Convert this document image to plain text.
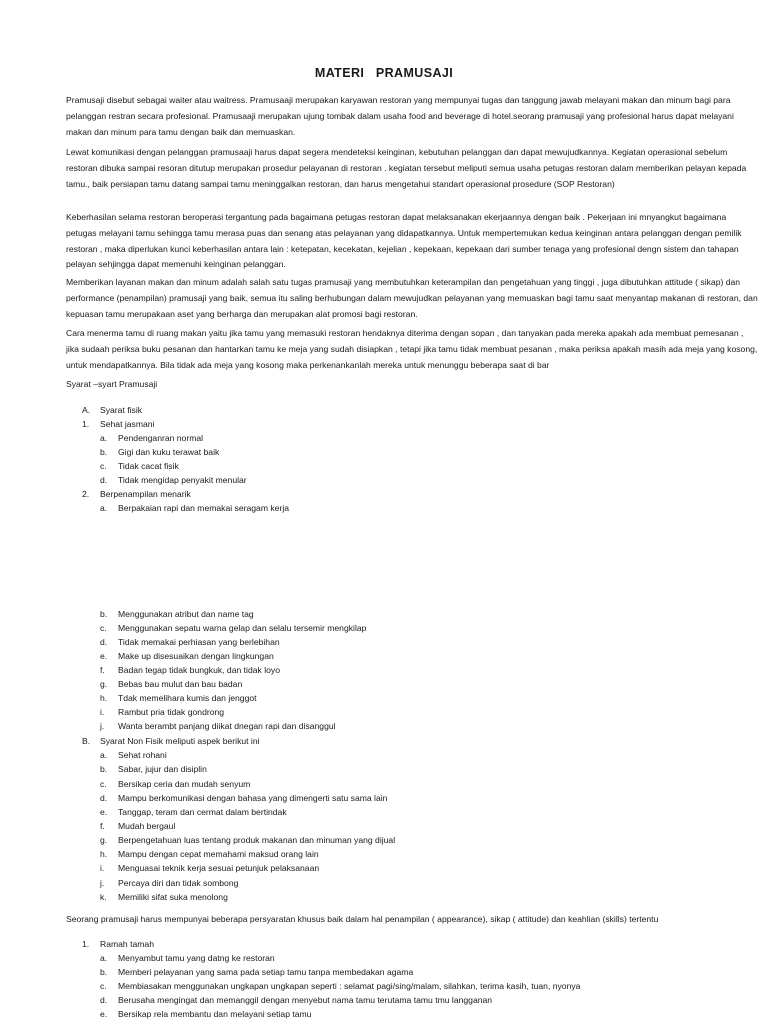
MATERI   PRAMUSAJI

Pramusaji disebut sebagai waiter atau waitress. Pramusaaji merupakan karyawan restoran yang mempunyai tugas dan tanggung jawab melayani makan dan minum bagi para pelanggan restran secara profesional. Pramusaaji merupakan ujung tombak dalam usaha food and beverage di hotel.seorang pramusaji yang profesional harus dapat melayani makan dan minum para tamu dengan baik dan memuaskan.

Lewat komunikasi dengan pelanggan pramusaaji harus dapat segera mendeteksi keinginan, kebutuhan pelanggan dan dapat mewujudkannya. Kegiatan operasional sebelum restoran dibuka sampai resoran ditutup merupakan prosedur pelayanan di restoran . kegiatan tersebut meliputi semua usaha petugas restoran dalam memberikan pelayan kepada tamu., baik persiapan tamu datang sampai tamu meninggalkan restoran, dan harus mengetahui standart operasional prosedure (SOP Restoran)

Keberhasilan selama restoran beroperasi tergantung pada bagaimana petugas restoran dapat melaksanakan ekerjaannya dengan baik . Pekerjaan ini mnyangkut bagaimana petugas melayani tamu sehingga tamu merasa puas dan senang atas pelayanan yang didapatkannya. Untuk mempertemukan kedua keinginan antara pelanggan dengan pemilik restoran , maka diperlukan kunci keberhasilan antara lain : ketepatan, kecekatan, kejelian , kepekaan, kepekaan dari sumber tenaga yang profesional dengn sistem dan tahapan pelayan sehjingga dapat memenuhi keinginan pelanggan.

Memberikan layanan makan dan minum adalah salah satu tugas pramusaji yang membutuhkan keterampilan dan pengetahuan yang tinggi , juga dibutuhkan attitude ( sikap) dan performance (penampilan) pramusaji yang baik, semua itu saling berhubungan dalam mewujudkan pelayanan yang memuaskan bagi tamu saat menyantap makanan di restoran, dan kepuasan tamu merupakaan aset yang berharga dan merupakan alat promosi bagi restoran.

Cara menerma tamu di ruang makan yaitu jika tamu yang memasuki restoran hendaknya diterima dengan sopan , dan tanyakan pada mereka apakah ada membuat pemesanan , jika sudaah periksa buku pesanan dan hantarkan tamu ke meja yang sudah disiapkan , tetapi jika tamu tidak membuat pesanan , maka periksa apakah masih ada meja yang kosong, untuk mendapatkannya. Bila tidak ada meja yang kosong maka perkenankanlah mereka untuk menunggu beberapa saat di bar

Syarat –syart Pramusaji
A. Syarat fisik
1. Sehat jasmani
a. Pendenganran normal
b. Gigi dan kuku terawat baik
c. Tidak cacat fisik
d. Tidak mengidap penyakit menular
2. Berpenampilan menarik
a. Berpakaian rapi dan memakai seragam kerja
b. Menggunakan atribut dan name tag
c. Menggunakan sepatu warna gelap dan selalu tersemir mengkilap
d. Tidak memakai perhiasan yang berlebihan
e. Make up disesuaikan dengan lingkungan
f. Badan tegap tidak bungkuk, dan tidak loyo
g. Bebas bau mulut dan bau badan
h. Tdak memelihara kumis dan jenggot
i. Rambut pria tidak gondrong
j. Wanta berambt panjang diikat dnegan rapi dan disanggul
B. Syarat Non Fisik meliputi aspek berikut ini
a. Sehat rohani
b. Sabar, jujur dan disiplin
c. Bersikap ceria dan mudah senyum
d. Mampu berkomunikasi dengan bahasa yang dimengerti satu sama lain
e. Tanggap, teram dan cermat dalam bertindak
f. Mudah bergaul
g. Berpengetahuan luas tentang produk makanan dan minuman yang dijual
h. Mampu dengan cepat memahami maksud orang lain
i. Menguasai teknik kerja sesuai petunjuk pelaksanaan
j. Percaya diri dan tidak sombong
k. Memiliki sifat suka menolong
Seorang pramusaji harus mempunyai beberapa persyaratan khusus baik dalam hal penampilan ( appearance), sikap ( attitude) dan keahlian (skills) tertentu
1. Ramah tamah
a. Menyambut tamu yang datng ke restoran
b. Memberi pelayanan yang sama pada setiap tamu tanpa membedakan agama
c. Membiasakan menggunakan ungkapan ungkapan seperti : selamat pagi/sing/malam, silahkan, terima kasih, tuan, nyonya
d. Berusaha mengingat dan memanggil dengan menyebut nama tamu terutama tamu tmu langganan
e. Bersikap rela membantu dan melayani setiap tamu
